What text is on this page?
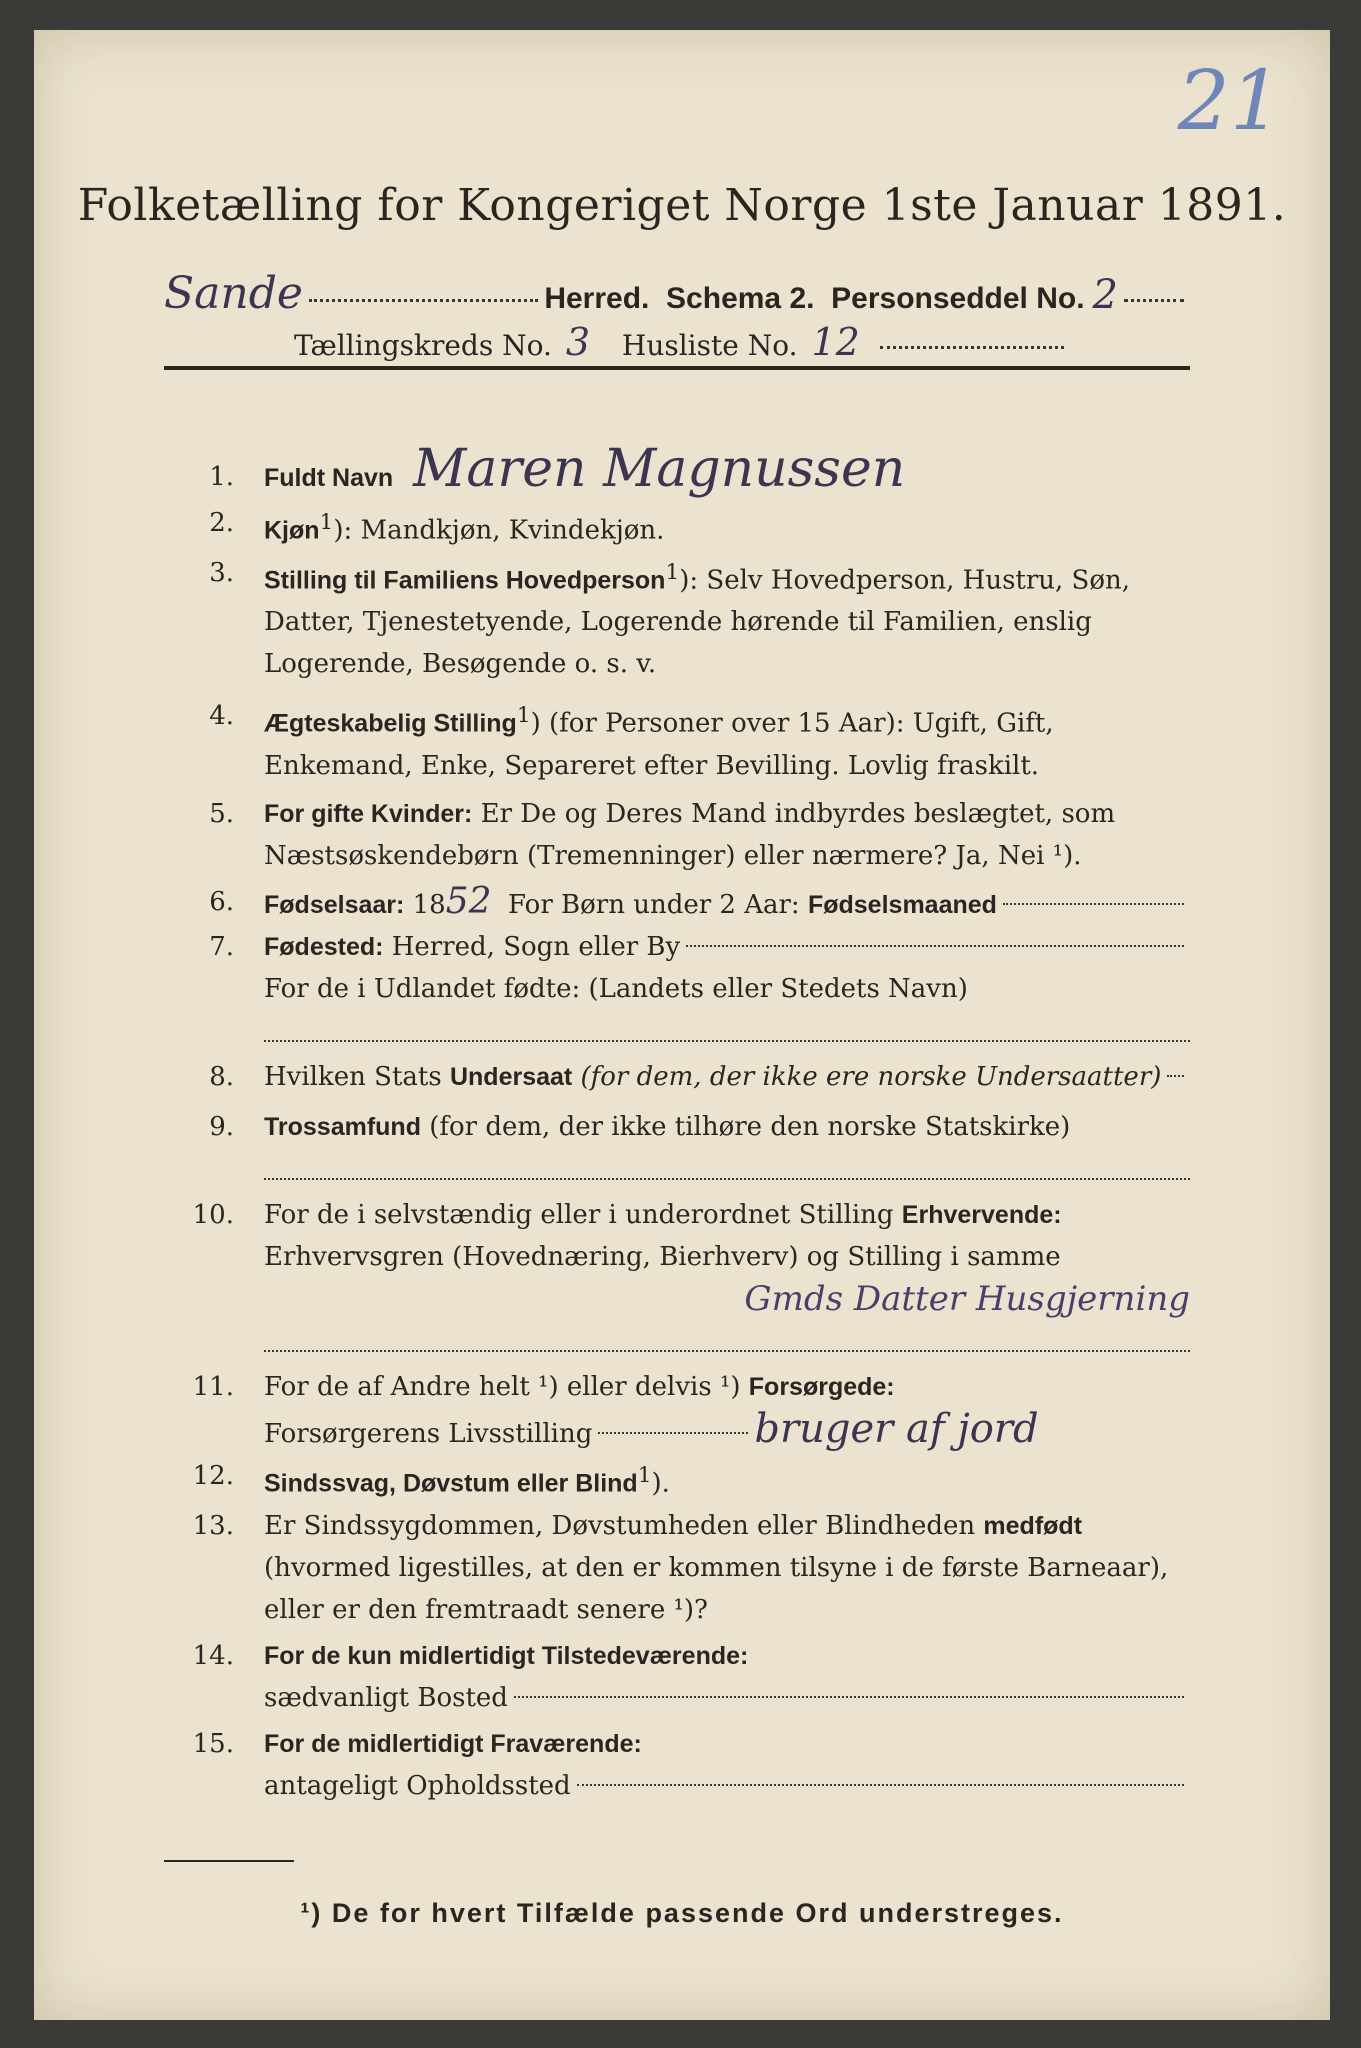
21
Folketælling for Kongeriget Norge 1ste Januar 1891.
Sande	Herred.
Schema 2.
Personseddel No. 2
Tællingskreds No. 3
Husliste No. 12
1. Fuldt Navn Maren Magnussen
2. Kjøn$^1$): Mandkjøn, Kvindekjøn.
3. Stilling til Familiens Hovedperson$^1$): Selv Hovedperson, Hustru, Søn, Datter, Tjenestetyende, Logerende hørende til Familien, enslig Logerende, Besøgende o. s. v.
4. Ægteskabelig Stilling$^1$) (for Personer over 15 Aar): Ugift, Gift, Enkemand, Enke, Separeret efter Bevilling. Lovlig fraskilt.
5. For gifte Kvinder: Er De og Deres Mand indbyrdes beslægtet, som Næstsøskendebørn (Tremenninger) eller nærmere? Ja, Nei ¹).
6. Fødselsaar:
18 52
For Børn under 2 Aar:
Fødselsmaaned
7. Fødested:
Herred, Sogn eller By
For de i Udlandet fødte: (Landets eller Stedets Navn)
8. Hvilken Stats
Undersaat
(for dem, der ikke ere norske Undersaatter)
9. Trossamfund (for dem, der ikke tilhøre den norske Statskirke)
10. For de i selvstændig eller i underordnet Stilling Erhvervende: Erhvervsgren (Hovednæring, Bierhverv) og Stilling i samme
Gmds Datter Husgjerning
11. For de af Andre helt ¹) eller delvis ¹) Forsørgede:
Forsørgerens Livsstilling	bruger af jord
12. Sindssvag, Døvstum eller Blind$^1$).
13. Er Sindssygdommen, Døvstumheden eller Blindheden medfødt (hvormed ligestilles, at den er kommen tilsyne i de første Barneaar), eller er den fremtraadt senere ¹)?
14. For de kun midlertidigt Tilstedeværende:
sædvanligt Bosted
15. For de midlertidigt Fraværende:
antageligt Opholdssted
¹) De for hvert Tilfælde passende Ord understreges.
